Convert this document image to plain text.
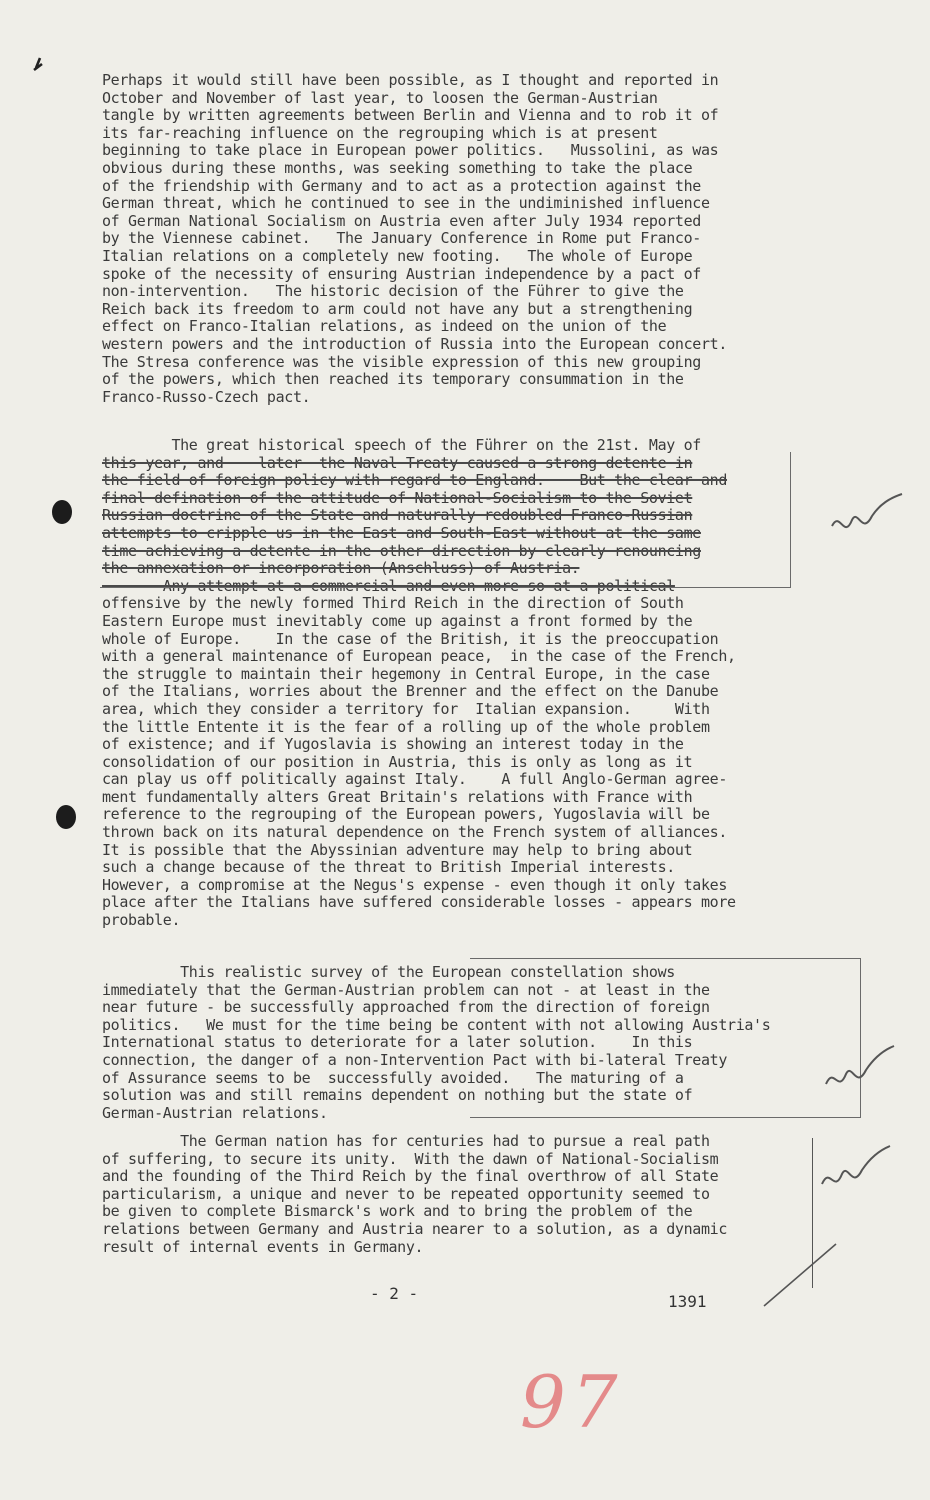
Perhaps it would still have been possible, as I thought and reported in
October and November of last year, to loosen the German-Austrian
tangle by written agreements between Berlin and Vienna and to rob it of
its far-reaching influence on the regrouping which is at present
beginning to take place in European power politics.   Mussolini, as was
obvious during these months, was seeking something to take the place
of the friendship with Germany and to act as a protection against the
German threat, which he continued to see in the undiminished influence
of German National Socialism on Austria even after July 1934 reported
by the Viennese cabinet.   The January Conference in Rome put Franco-
Italian relations on a completely new footing.   The whole of Europe
spoke of the necessity of ensuring Austrian independence by a pact of
non-intervention.   The historic decision of the Führer to give the
Reich back its freedom to arm could not have any but a strengthening
effect on Franco-Italian relations, as indeed on the union of the
western powers and the introduction of Russia into the European concert.
The Stresa conference was the visible expression of this new grouping
of the powers, which then reached its temporary consummation in the
Franco-Russo-Czech pact.
The great historical speech of the Führer on the 21st. May of
this year, and    later  the Naval Treaty caused a strong detente in
the field of foreign policy with regard to England.    But the clear and
final defination of the attitude of National-Socialism to the Soviet
Russian doctrine of the State and naturally redoubled Franco-Russian
attempts to cripple us in the East and South-East without at the same
time achieving a detente in the other direction by clearly renouncing
the annexation or incorporation (Anschluss) of Austria.
Any attempt at a commercial and even more so at a political
offensive by the newly formed Third Reich in the direction of South
Eastern Europe must inevitably come up against a front formed by the
whole of Europe.    In the case of the British, it is the preoccupation
with a general maintenance of European peace,  in the case of the French,
the struggle to maintain their hegemony in Central Europe, in the case
of the Italians, worries about the Brenner and the effect on the Danube
area, which they consider a territory for  Italian expansion.     With
the little Entente it is the fear of a rolling up of the whole problem
of existence; and if Yugoslavia is showing an interest today in the
consolidation of our position in Austria, this is only as long as it
can play us off politically against Italy.    A full Anglo-German agree-
ment fundamentally alters Great Britain's relations with France with
reference to the regrouping of the European powers, Yugoslavia will be
thrown back on its natural dependence on the French system of alliances.
It is possible that the Abyssinian adventure may help to bring about
such a change because of the threat to British Imperial interests.
However, a compromise at the Negus's expense - even though it only takes
place after the Italians have suffered considerable losses - appears more
probable.
This realistic survey of the European constellation shows
immediately that the German-Austrian problem can not - at least in the
near future - be successfully approached from the direction of foreign
politics.   We must for the time being be content with not allowing Austria's
International status to deteriorate for a later solution.    In this
connection, the danger of a non-Intervention Pact with bi-lateral Treaty
of Assurance seems to be  successfully avoided.   The maturing of a
solution was and still remains dependent on nothing but the state of
German-Austrian relations.
The German nation has for centuries had to pursue a real path
of suffering, to secure its unity.  With the dawn of National-Socialism
and the founding of the Third Reich by the final overthrow of all State
particularism, a unique and never to be repeated opportunity seemed to
be given to complete Bismarck's work and to bring the problem of the
relations between Germany and Austria nearer to a solution, as a dynamic
result of internal events in Germany.
- 2 -	1391
97
